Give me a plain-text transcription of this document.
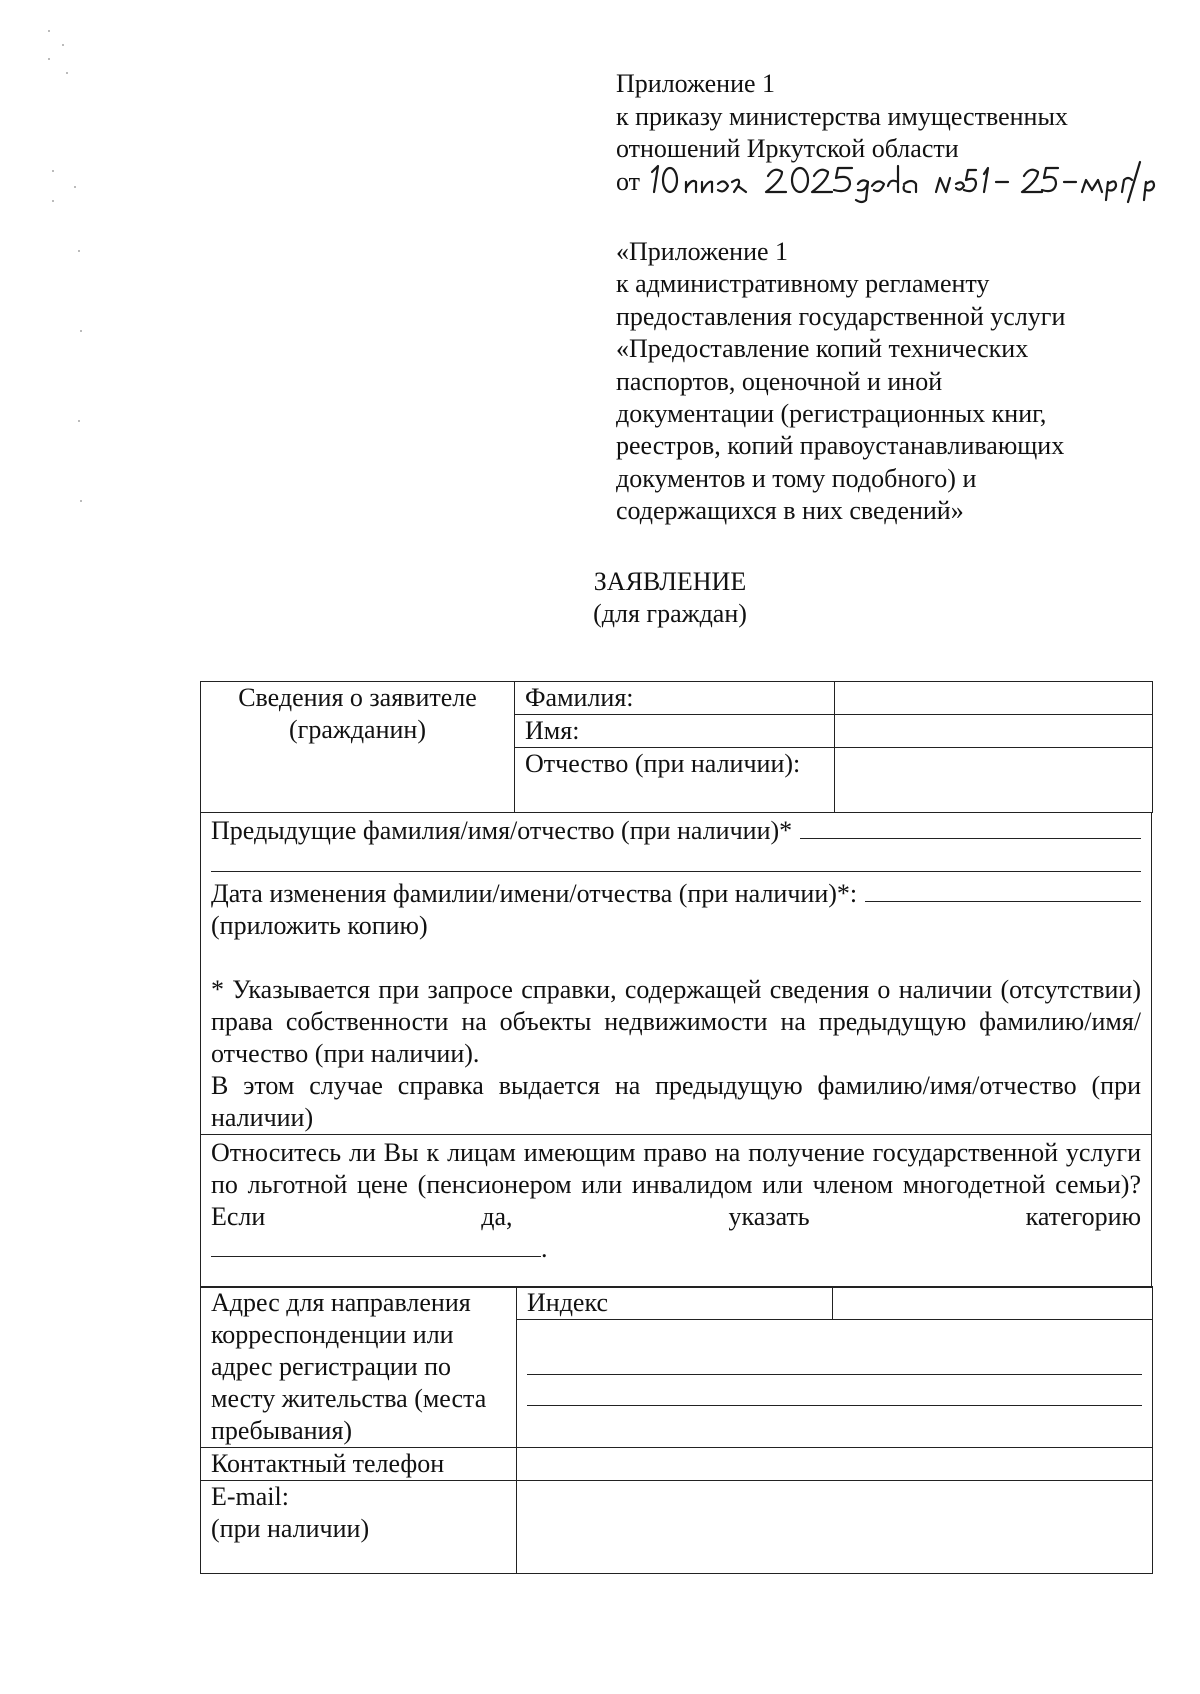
Приложение 1
к приказу министерства имущественных
отношений Иркутской области
от
«Приложение 1
к административному регламенту
предоставления государственной услуги
«Предоставление копий технических
паспортов, оценочной и иной
документации (регистрационных книг,
реестров, копий правоустанавливающих
документов и тому подобного) и
содержащихся в них сведений»
ЗАЯВЛЕНИЕ
(для граждан)
Сведения о заявителе (гражданин)	Фамилия:	
	Имя:	
	Отчество (при наличии):	
Предыдущие фамилия/имя/отчество (при наличии)*
Дата изменения фамилии/имени/отчества (при наличии)*:
(приложить копию)
* Указывается при запросе справки, содержащей сведения о наличии (отсутствии) права собственности на объекты недвижимости на предыдущую фамилию/имя/отчество (при наличии).
В этом случае справка выдается на предыдущую фамилию/имя/отчество (при наличии)
Относитесь ли Вы к лицам имеющим право на получение государственной услуги по льготной цене (пенсионером или инвалидом или членом многодетной семьи)? Если да, указать категорию
.
Адрес для направления корреспонденции или адрес регистрации по месту жительства (места пребывания)	Индекс	

Контактный телефон		

E-mail:
(при наличии)		
